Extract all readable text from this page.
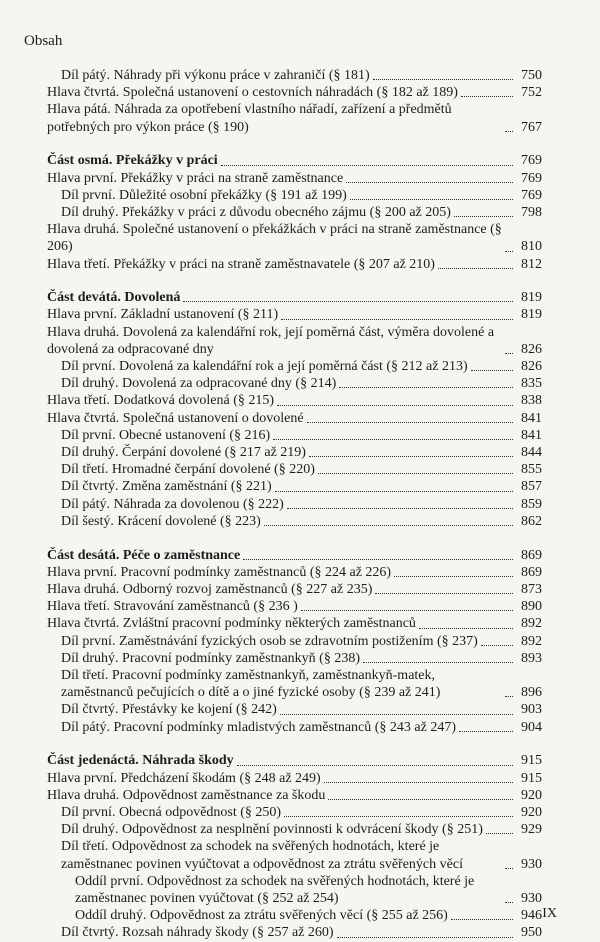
Obsah
Díl pátý. Náhrady při výkonu práce v zahraničí (§ 181)	750
Hlava čtvrtá. Společná ustanovení o cestovních náhradách (§ 182 až 189)	752
Hlava pátá. Náhrada za opotřebení vlastního nářadí, zařízení a předmětů potřebných pro výkon práce (§ 190)	767
Část osmá. Překážky v práci	769
Hlava první. Překážky v práci na straně zaměstnance	769
Díl první. Důležité osobní překážky (§ 191 až 199)	769
Díl druhý. Překážky v práci z důvodu obecného zájmu (§ 200 až 205)	798
Hlava druhá. Společné ustanovení o překážkách v práci na straně zaměstnance (§ 206)	810
Hlava třetí. Překážky v práci na straně zaměstnavatele (§ 207 až 210)	812
Část devátá. Dovolená	819
Hlava první. Základní ustanovení (§ 211)	819
Hlava druhá. Dovolená za kalendářní rok, její poměrná část, výměra dovolené a dovolená za odpracované dny	826
Díl první. Dovolená za kalendářní rok a její poměrná část (§ 212 až 213)	826
Díl druhý. Dovolená za odpracované dny (§ 214)	835
Hlava třetí. Dodatková dovolená (§ 215)	838
Hlava čtvrtá. Společná ustanovení o dovolené	841
Díl první. Obecné ustanovení (§ 216)	841
Díl druhý. Čerpání dovolené (§ 217 až 219)	844
Díl třetí. Hromadné čerpání dovolené (§ 220)	855
Díl čtvrtý. Změna zaměstnání (§ 221)	857
Díl pátý. Náhrada za dovolenou (§ 222)	859
Díl šestý. Krácení dovolené (§ 223)	862
Část desátá. Péče o zaměstnance	869
Hlava první. Pracovní podmínky zaměstnanců (§ 224 až 226)	869
Hlava druhá. Odborný rozvoj zaměstnanců (§ 227 až 235)	873
Hlava třetí. Stravování zaměstnanců (§ 236 )	890
Hlava čtvrtá. Zvláštní pracovní podmínky některých zaměstnanců	892
Díl první. Zaměstnávání fyzických osob se zdravotním postižením (§ 237)	892
Díl druhý. Pracovní podmínky zaměstnankyň (§ 238)	893
Díl třetí. Pracovní podmínky zaměstnankyň, zaměstnankyň-matek, zaměstnanců pečujících o dítě a o jiné fyzické osoby (§ 239 až 241)	896
Díl čtvrtý. Přestávky ke kojení (§ 242)	903
Díl pátý. Pracovní podmínky mladistvých zaměstnanců (§ 243 až 247)	904
Část jedenáctá. Náhrada škody	915
Hlava první. Předcházení škodám (§ 248 až 249)	915
Hlava druhá. Odpovědnost zaměstnance za škodu	920
Díl první. Obecná odpovědnost (§ 250)	920
Díl druhý. Odpovědnost za nesplnění povinnosti k odvrácení škody (§ 251)	929
Díl třetí. Odpovědnost za schodek na svěřených hodnotách, které je zaměstnanec povinen vyúčtovat a odpovědnost za ztrátu svěřených věcí	930
Oddíl první. Odpovědnost za schodek na svěřených hodnotách, které je zaměstnanec povinen vyúčtovat (§ 252 až 254)	930
Oddíl druhý. Odpovědnost za ztrátu svěřených věcí (§ 255 až 256)	946
Díl čtvrtý. Rozsah náhrady škody (§ 257 až 260)	950
IX
